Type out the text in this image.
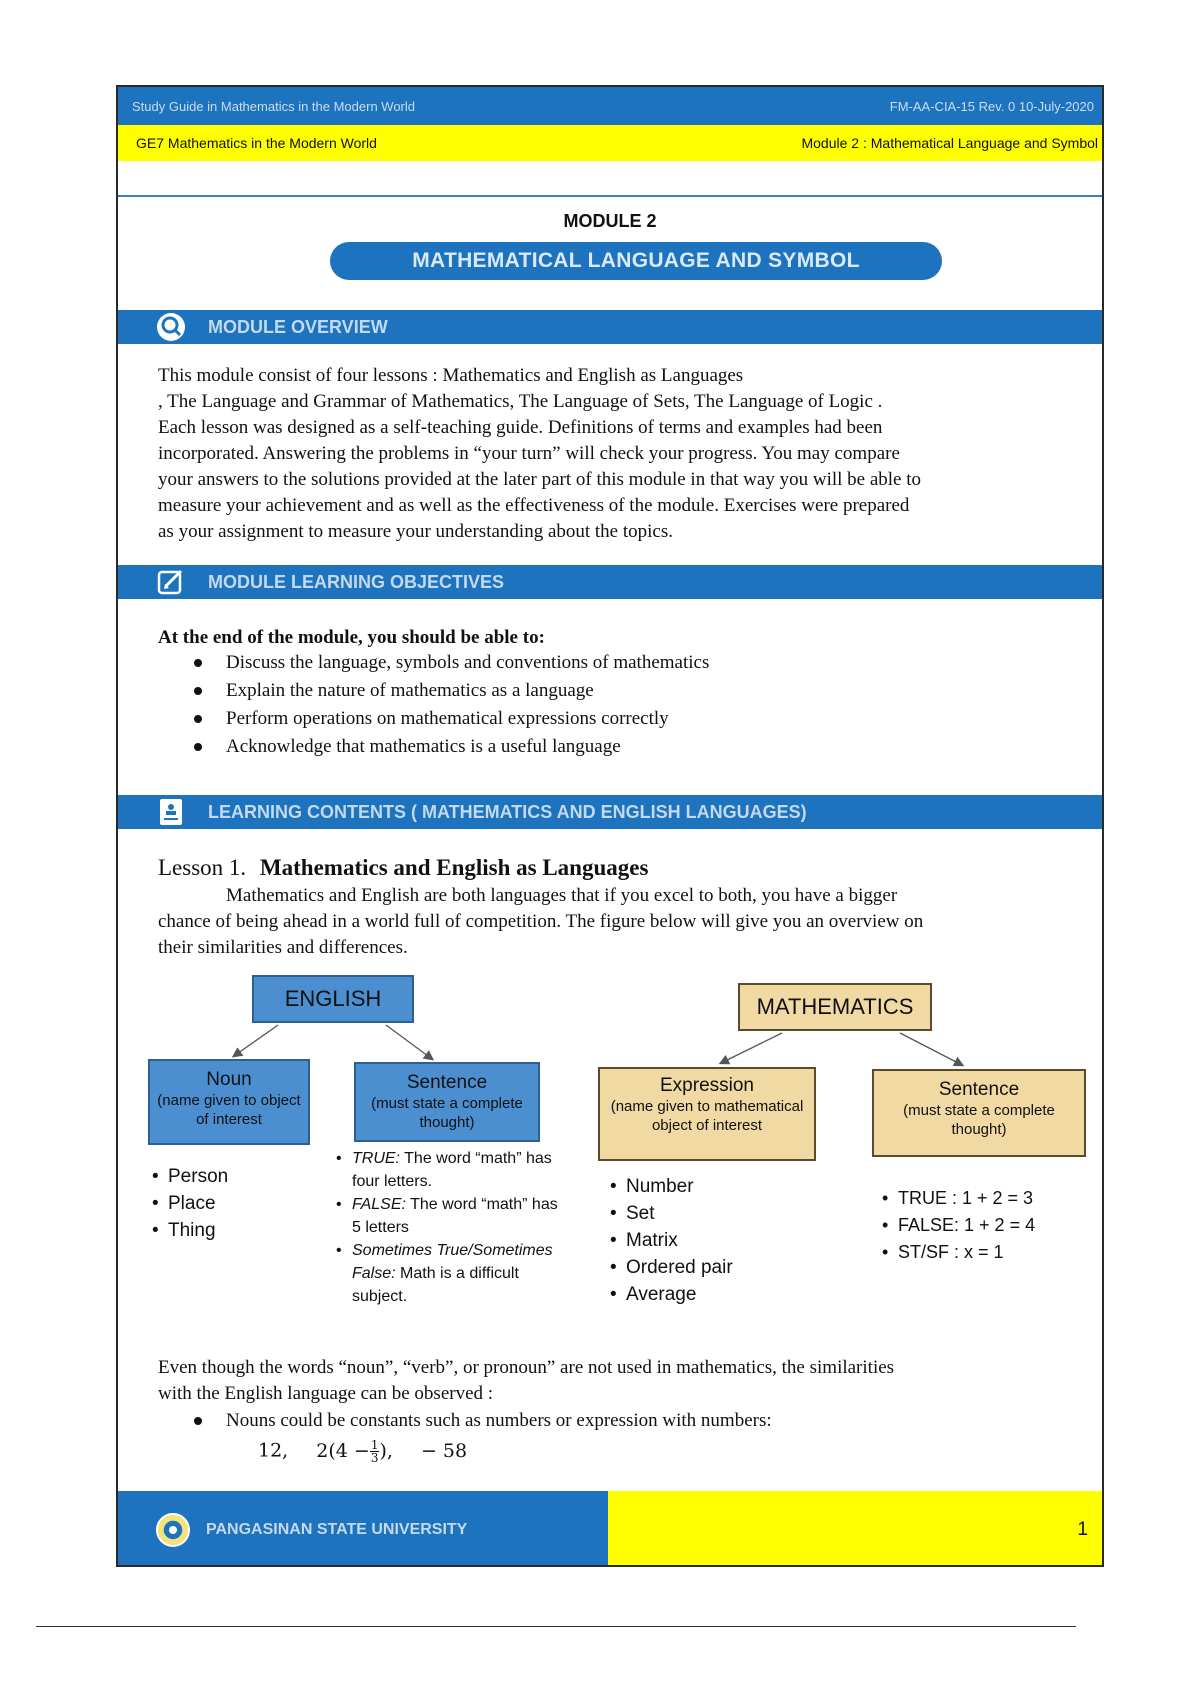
Study Guide in Mathematics in the Modern World	FM-AA-CIA-15 Rev. 0 10-July-2020
GE7 Mathematics in the Modern World	Module 2 : Mathematical Language and Symbol
MODULE 2
MATHEMATICAL LANGUAGE AND SYMBOL
MODULE OVERVIEW
This module consist of four lessons : Mathematics and English as Languages
, The Language and Grammar of Mathematics, The Language of Sets, The Language of Logic .
Each lesson was designed as a self-teaching guide. Definitions of terms and examples had been
incorporated. Answering the problems in “your turn” will check your progress. You may compare
your answers to the solutions provided at the later part of this module in that way you will be able to
measure your achievement and as well as the effectiveness of the module. Exercises were prepared
as your assignment to measure your understanding about the topics.
MODULE LEARNING OBJECTIVES
At the end of the module, you should be able to:
Discuss the language, symbols and conventions of mathematics
Explain the nature of mathematics as a language
Perform operations on mathematical expressions correctly
Acknowledge that mathematics is a useful language
LEARNING CONTENTS ( MATHEMATICS AND ENGLISH LANGUAGES)
Lesson 1. Mathematics and English as Languages
Mathematics and English are both languages that if you excel to both, you have a bigger
chance of being ahead in a world full of competition. The figure below will give you an overview on
their similarities and differences.
ENGLISH
Noun
(name given to object of interest
Sentence
(must state a complete thought)
• Person
• Place
• Thing
• TRUE: The word “math” has four letters.
• FALSE: The word “math” has 5 letters
• Sometimes True/Sometimes False: Math is a difficult subject.
MATHEMATICS
Expression
(name given to mathematical object of interest
Sentence
(must state a complete thought)
• Number
• Set
• Matrix
• Ordered pair
• Average
• TRUE : 1 + 2 = 3
• FALSE: 1 + 2 = 4
• ST/SF : x = 1
Even though the words “noun”, “verb”, or pronoun” are not used in mathematics, the similarities
with the English language can be observed :
Nouns could be constants such as numbers or expression with numbers:
12, $2(4 - \frac{1}{3}$ ), − 58
PANGASINAN STATE UNIVERSITY	1
